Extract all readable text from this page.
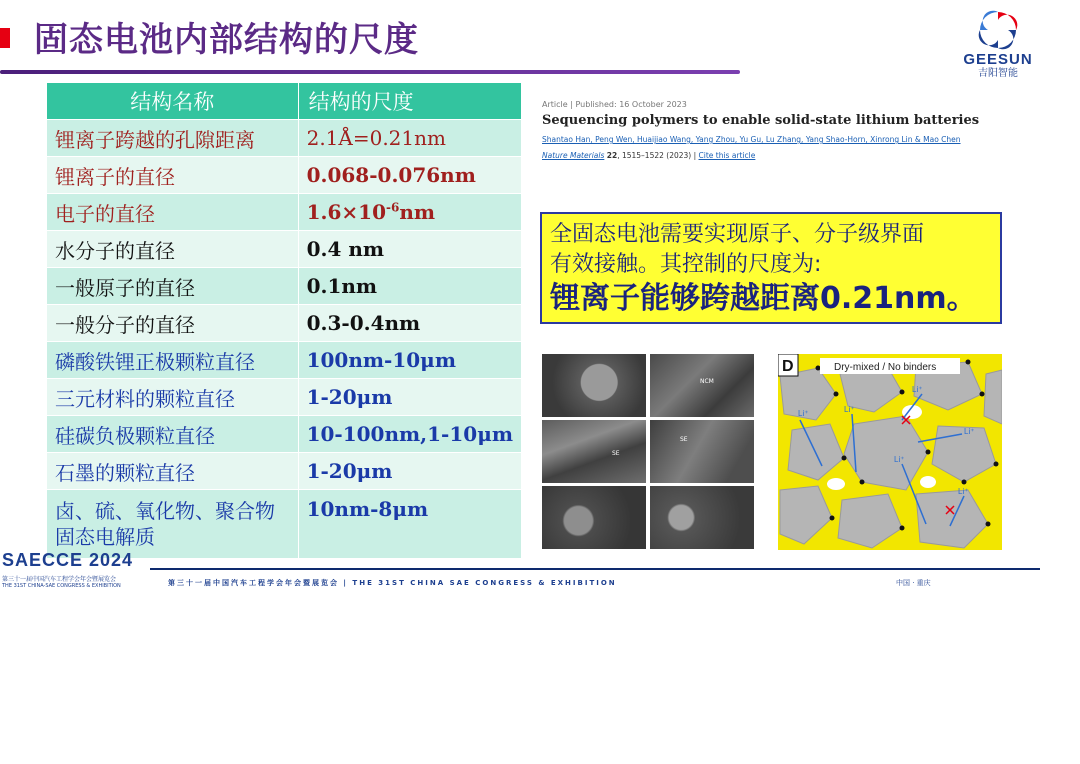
固态电池内部结构的尺度	GEESUN
吉阳智能
结构名称	结构的尺度
锂离子跨越的孔隙距离	2.1Å=0.21nm
锂离子的直径	0.068-0.076nm
电子的直径	$1.6\times 10^{-6}nm$
水分子的直径	0.4 nm
一般原子的直径	0.1nm
一般分子的直径	0.3-0.4nm
磷酸铁锂正极颗粒直径	100nm-10μm
三元材料的颗粒直径	1-20μm
硅碳负极颗粒直径	10-100nm,1-10μm
石墨的颗粒直径	1-20μm
卤、硫、氧化物、聚合物固态电解质	10nm-8μm
Article | Published: 16 October 2023
Sequencing polymers to enable solid-state lithium batteries
Shantao Han, Peng Wen, Huaijiao Wang, Yang Zhou, Yu Gu, Lu Zhang, Yang Shao-Horn, Xinrong Lin & Mao Chen
Nature Materials 22, 1515–1522 (2023) | Cite this article
全固态电池需要实现原子、分子级界面
有效接触。其控制的尺度为:
锂离子能够跨越距离0.21nm。
NCM
SE
SE
D	Dry-mixed / No binders
Li⁺	Li⁺
Li⁺
Li⁺
Li⁺
Li⁺
SAECCE 2024
第三十一届中国汽车工程学会年会暨展览会
THE 31ST CHINA-SAE CONGRESS & EXHIBITION	第三十一届中国汽车工程学会年会暨展览会 | THE 31ST CHINA SAE CONGRESS & EXHIBITION	中国 · 重庆
